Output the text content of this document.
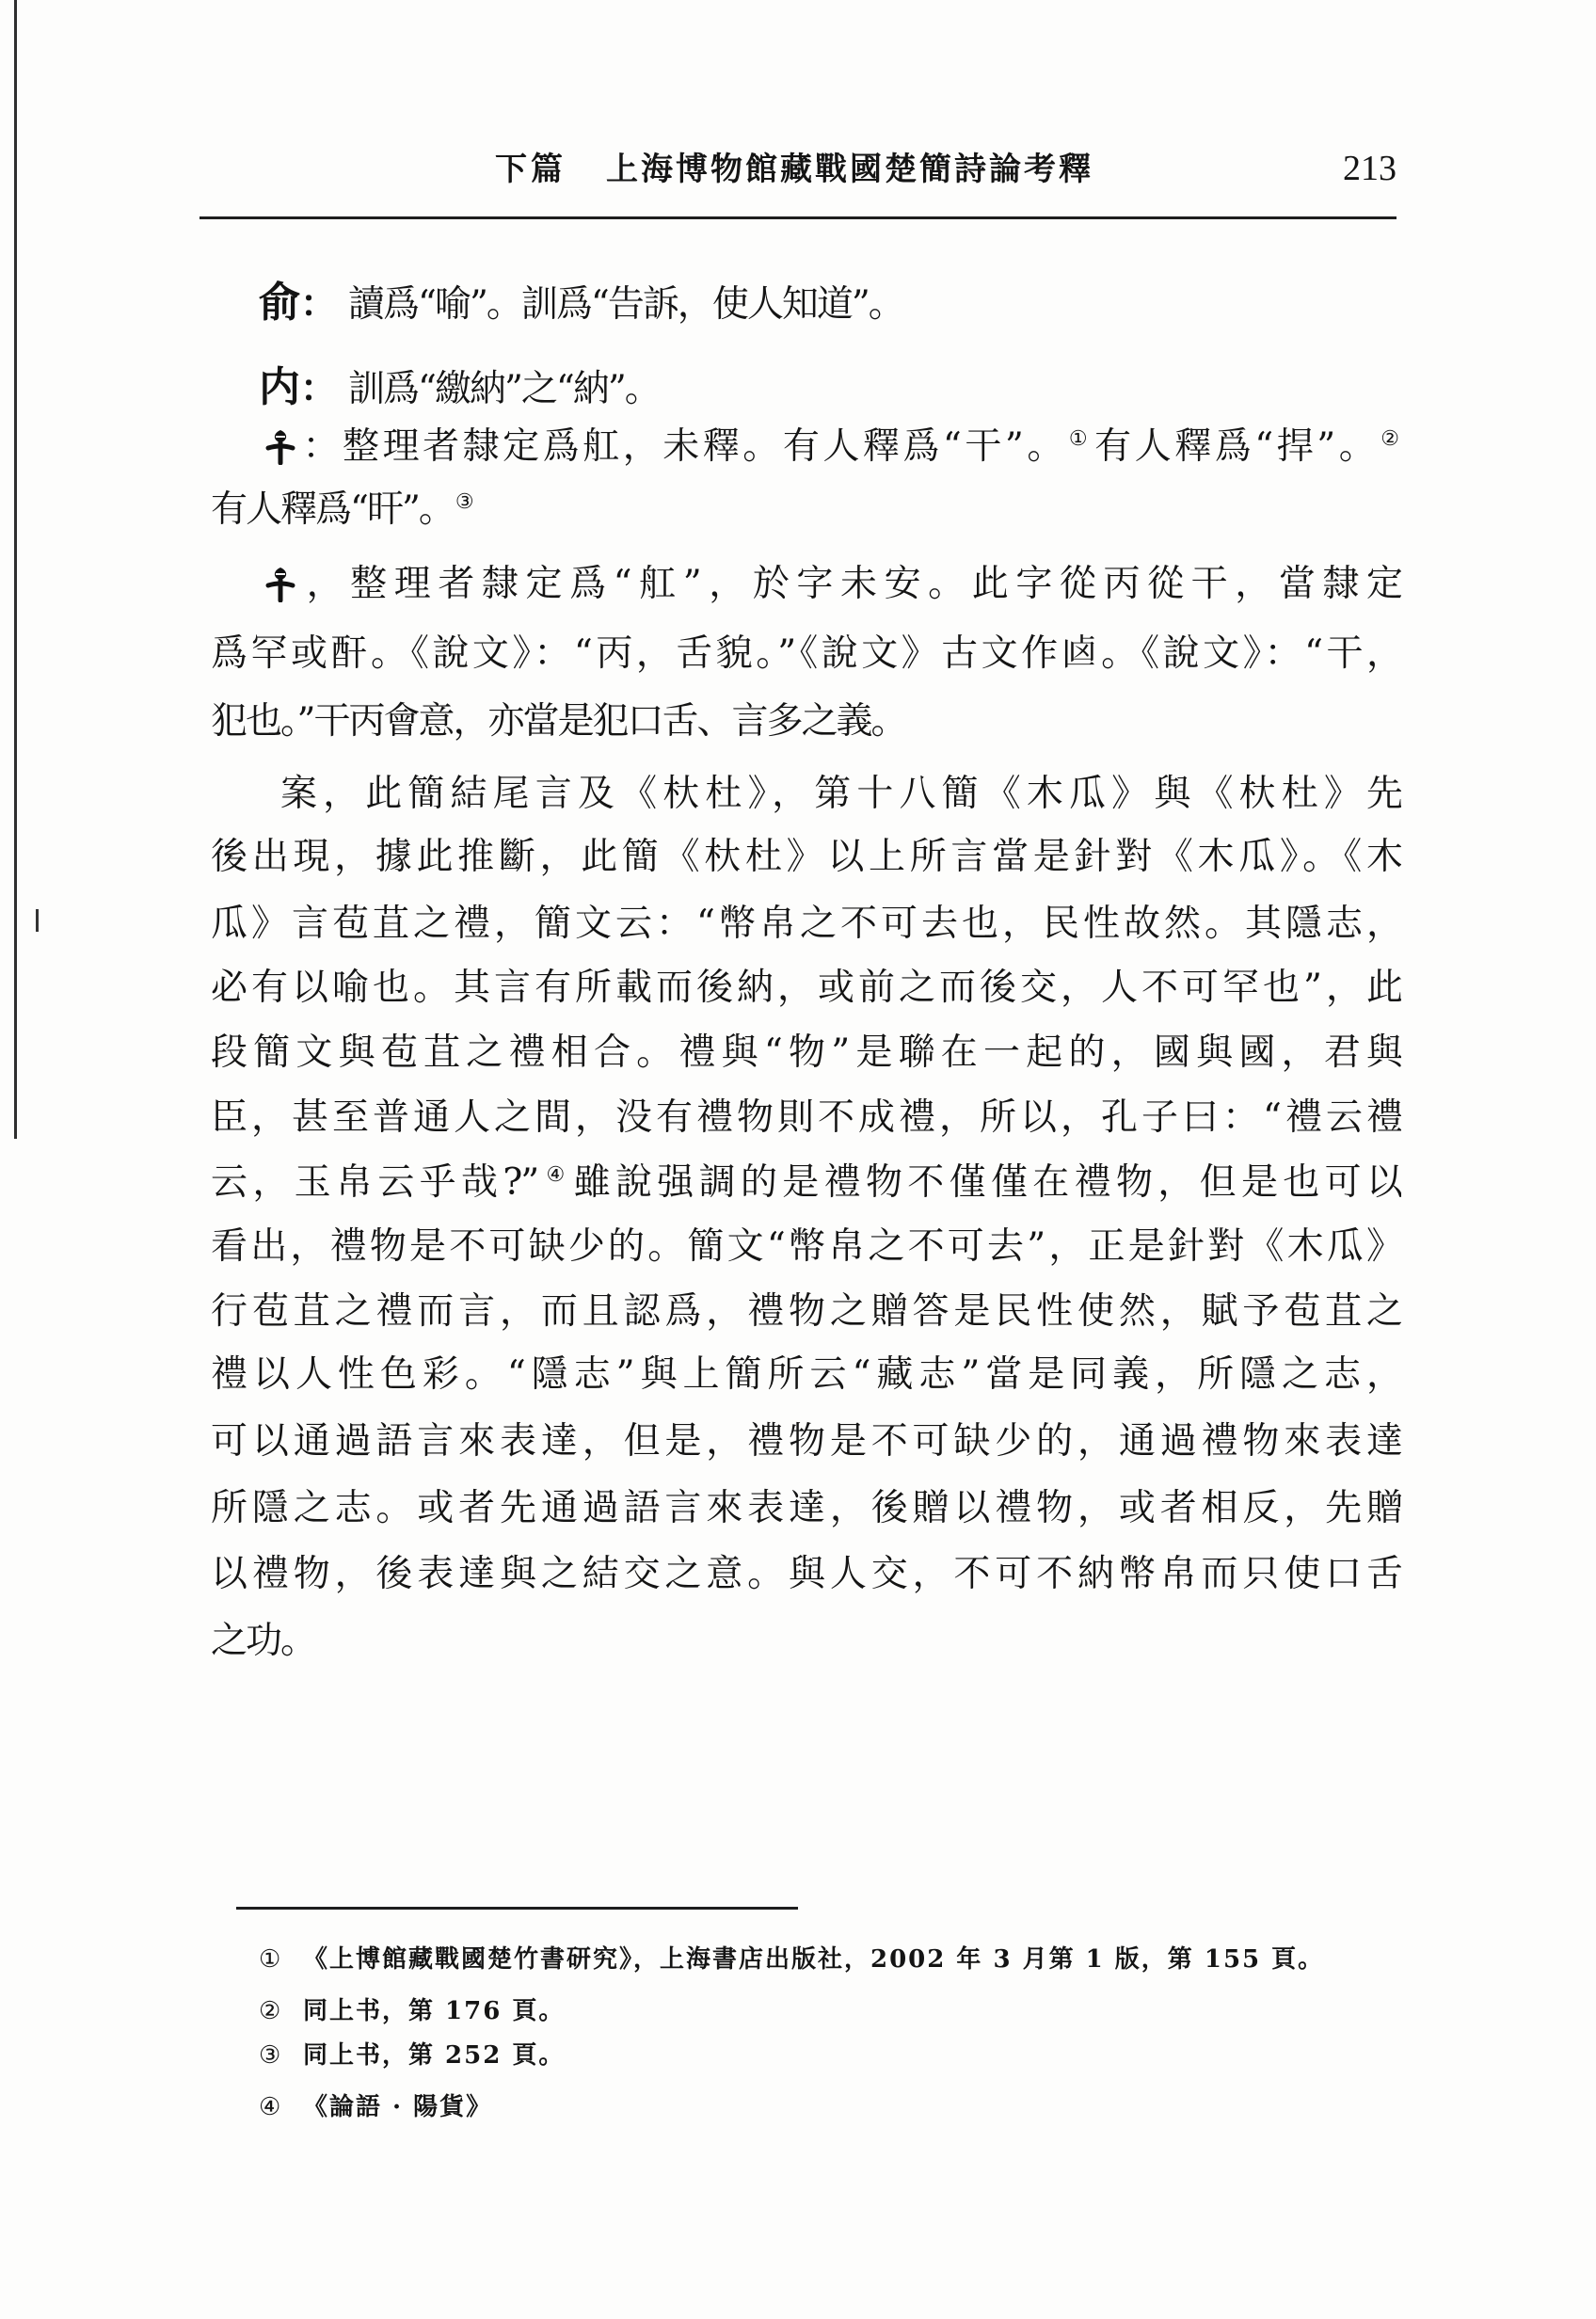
下篇 上海博物館藏戰國楚簡詩論考釋	213
俞： 讀爲“喻”。訓爲“告訴，使人知道”。
内： 訓爲“繳納”之“納”。
：整理者隸定爲舡，未釋。有人釋爲“干”。①有人釋爲“捍”。②
有人釋爲“旰”。③
，整理者隸定爲“舡”，於字未安。此字從丙從干，當隸定
爲罕或酐。《說文》：“丙，舌貌。”《說文》古文作𠧟。《說文》：“干，
犯也。”干丙會意，亦當是犯口舌、言多之義。
案，此簡結尾言及《杕杜》，第十八簡《木瓜》與《杕杜》先
後出現，據此推斷，此簡《杕杜》以上所言當是針對《木瓜》。《木
瓜》言苞苴之禮，簡文云：“幣帛之不可去也，民性故然。其隱志，
必有以喻也。其言有所載而後納，或前之而後交，人不可罕也”，此
段簡文與苞苴之禮相合。禮與“物”是聯在一起的，國與國，君與
臣，甚至普通人之間，没有禮物則不成禮，所以，孔子曰：“禮云禮
云，玉帛云乎哉?”④雖說强調的是禮物不僅僅在禮物，但是也可以
看出，禮物是不可缺少的。簡文“幣帛之不可去”，正是針對《木瓜》
行苞苴之禮而言，而且認爲，禮物之贈答是民性使然，賦予苞苴之
禮以人性色彩。“隱志”與上簡所云“藏志”當是同義，所隱之志，
可以通過語言來表達，但是，禮物是不可缺少的，通過禮物來表達
所隱之志。或者先通過語言來表達，後贈以禮物，或者相反，先贈
以禮物，後表達與之結交之意。與人交，不可不納幣帛而只使口舌
之功。
① 《上博館藏戰國楚竹書研究》，上海書店出版社，2002 年 3 月第 1 版，第 155 頁。
② 同上书，第 176 頁。
③ 同上书，第 252 頁。
④ 《論語 · 陽貨》
